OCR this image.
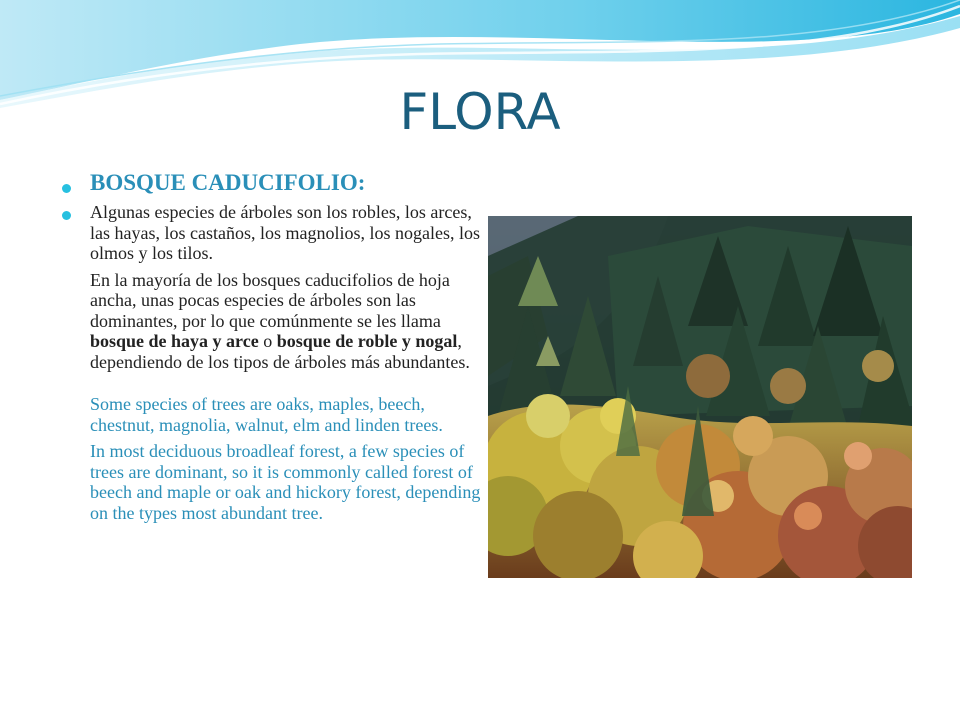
FLORA
BOSQUE CADUCIFOLIO:

Algunas especies de árboles son los robles, los arces, las hayas, los castaños, los magnolios, los nogales, los olmos y los tilos.

En la mayoría de los bosques caducifolios de hoja ancha, unas pocas especies de árboles son las dominantes, por lo que comúnmente se les llama bosque de haya y arce o bosque de roble y nogal, dependiendo de los tipos de árboles más abundantes.

Some species of trees are oaks, maples, beech, chestnut, magnolia, walnut, elm and linden trees.

In most deciduous broadleaf forest, a few species of trees are dominant, so it is commonly called forest of beech and maple or oak and hickory forest, depending on the types most abundant tree.
